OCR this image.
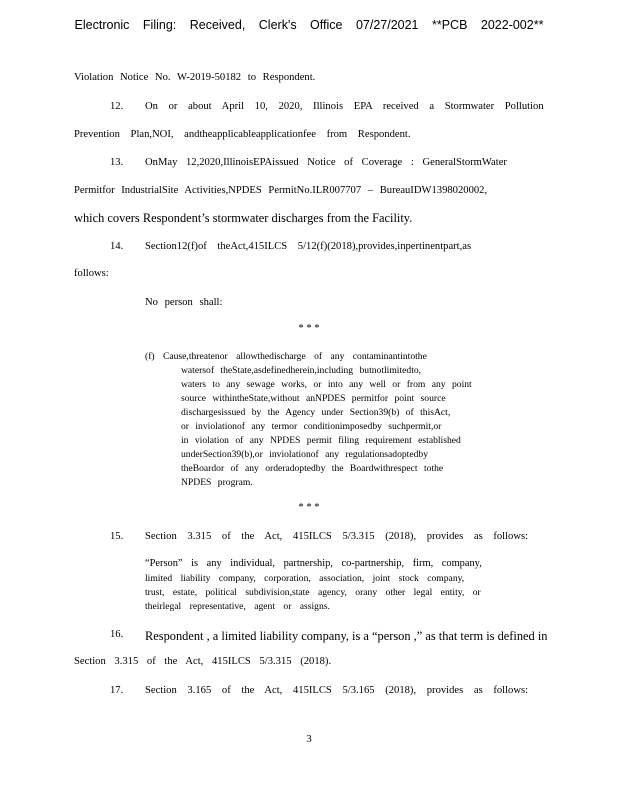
Electronic Filing: Received, Clerk's Office 07/27/2021 **PCB 2022-002**
Violation Notice No. W-2019-50182 to Respondent.
12. On or about April 10, 2020, Illinois EPA received a Stormwater Pollution
Prevention Plan,NOI, andtheapplicableapplicationfee from Respondent.
13. OnMay 12,2020,IllinoisEPAissued Notice of Coverage : GeneralStormWater
Permitfor IndustrialSite Activities,NPDES PermitNo.ILR007707 – BureauIDW1398020002,
which covers Respondent’s stormwater discharges from the Facility.
14. Section12(f)of theAct,415ILCS 5/12(f)(2018),provides,inpertinentpart,as
follows:
No person shall:
* * *
(f) Cause,threatenor allowthedischarge of any contaminantintothe
watersof theState,asdefinedherein,including butnotlimitedto,
waters to any sewage works, or into any well or from any point
source withintheState,without anNPDES permitfor point source
dischargesissued by the Agency under Section39(b) of thisAct,
or inviolationof any termor conditionimposedby suchpermit,or
in violation of any NPDES permit filing requirement established
underSection39(b),or inviolationof any regulationsadoptedby
theBoardor of any orderadoptedby the Boardwithrespect tothe
NPDES program.
* * *
15. Section 3.315 of the Act, 415ILCS 5/3.315 (2018), provides as follows:
“Person” is any individual, partnership, co-partnership, firm, company,
limited liability company, corporation, association, joint stock company,
trust, estate, political subdivision,state agency, orany other legal entity, or
theirlegal representative, agent or assigns.
16. Respondent , a limited liability company, is a “person ,” as that term is defined in
Section 3.315 of the Act, 415ILCS 5/3.315 (2018).
17. Section 3.165 of the Act, 415ILCS 5/3.165 (2018), provides as follows:
3
